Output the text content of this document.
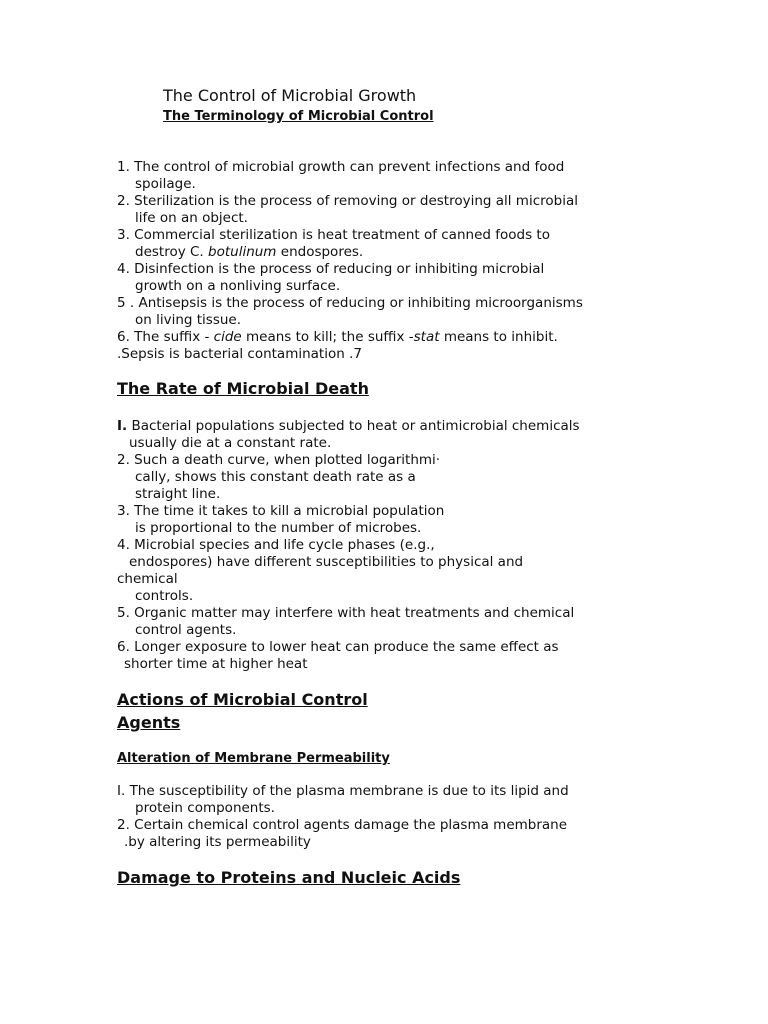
The Control of Microbial Growth
The Terminology of Microbial Control
1. The control of microbial growth can prevent infections and food
spoilage.
2. Sterilization is the process of removing or destroying all microbial
life on an object.
3. Commercial sterilization is heat treatment of canned foods to
destroy C. botulinum endospores.
4. Disinfection is the process of reducing or inhibiting microbial
growth on a nonliving surface.
5 . Antisepsis is the process of reducing or inhibiting microorganisms
on living tissue.
6. The suffix - cide means to kill; the suffix -stat means to inhibit.
.Sepsis is bacterial contamination .7
The Rate of Microbial Death
I. Bacterial populations subjected to heat or antimicrobial chemicals
usually die at a constant rate.
2. Such a death curve, when plotted logarithmi·
cally, shows this constant death rate as a
straight line.
3. The time it takes to kill a microbial population
is proportional to the number of microbes.
4. Microbial species and life cycle phases (e.g.,
endospores) have different susceptibilities to physical and
chemical
controls.
5. Organic matter may interfere with heat treatments and chemical
control agents.
6. Longer exposure to lower heat can produce the same effect as
shorter time at higher heat
Actions of Microbial Control
Agents
Alteration of Membrane Permeability
I. The susceptibility of the plasma membrane is due to its lipid and
protein components.
2. Certain chemical control agents damage the plasma membrane
.by altering its permeability
Damage to Proteins and Nucleic Acids
